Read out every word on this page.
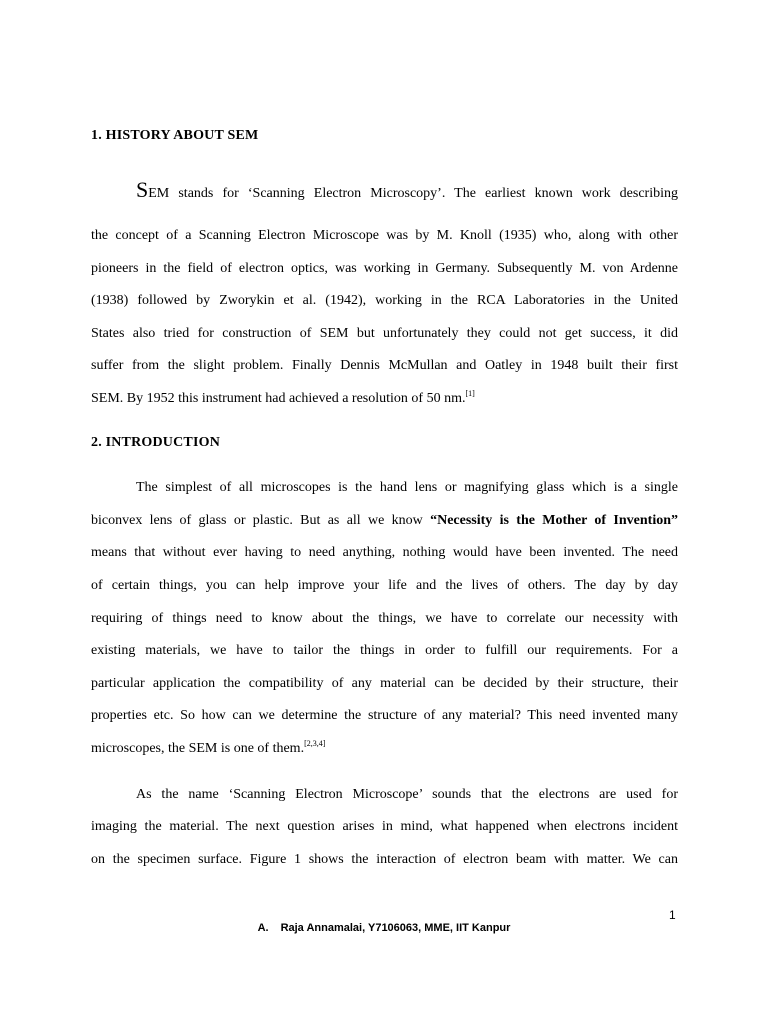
1. HISTORY ABOUT SEM
SEM stands for ‘Scanning Electron Microscopy’. The earliest known work describing
the concept of a Scanning Electron Microscope was by M. Knoll (1935) who, along with other
pioneers in the field of electron optics, was working in Germany. Subsequently M. von Ardenne
(1938) followed by Zworykin et al. (1942), working in the RCA Laboratories in the United
States also tried for construction of SEM but unfortunately they could not get success, it did
suffer from the slight problem. Finally Dennis McMullan and Oatley in 1948 built their first
SEM. By 1952 this instrument had achieved a resolution of 50 nm.[1]
2. INTRODUCTION
The simplest of all microscopes is the hand lens or magnifying glass which is a single
biconvex lens of glass or plastic. But as all we know “Necessity is the Mother of Invention”
means that without ever having to need anything, nothing would have been invented. The need
of certain things, you can help improve your life and the lives of others. The day by day
requiring of things need to know about the things, we have to correlate our necessity with
existing materials, we have to tailor the things in order to fulfill our requirements. For a
particular application the compatibility of any material can be decided by their structure, their
properties etc. So how can we determine the structure of any material? This need invented many
microscopes, the SEM is one of them.[2,3,4]
As the name ‘Scanning Electron Microscope’ sounds that the electrons are used for
imaging the material. The next question arises in mind, what happened when electrons incident
on the specimen surface. Figure 1 shows the interaction of electron beam with matter. We can
1
A. Raja Annamalai, Y7106063, MME, IIT Kanpur
